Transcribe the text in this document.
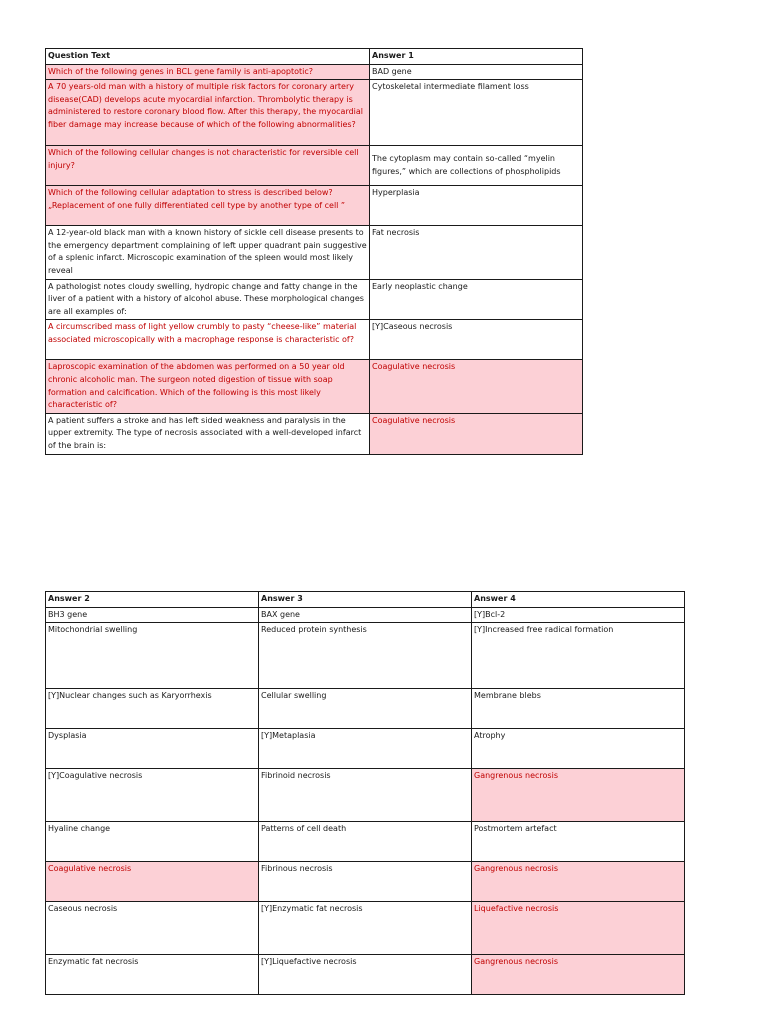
Question Text	Answer 1
Which of the following genes in BCL gene family is anti-apoptotic?	BAD gene
A 70 years-old man with a history of multiple risk factors for coronary artery disease(CAD) develops acute myocardial infarction. Thrombolytic therapy is administered to restore coronary blood flow. After this therapy, the myocardial fiber damage may increase because of which of the following abnormalities?	Cytoskeletal intermediate filament loss
Which of the following cellular changes is not characteristic for reversible cell injury?	The cytoplasm may contain so-called “myelin figures,” which are collections of phospholipids
Which of the following cellular adaptation to stress is described below? „Replacement of one fully differentiated cell type by another type of cell ”	Hyperplasia
A 12-year-old black man with a known history of sickle cell disease presents to the emergency department complaining of left upper quadrant pain suggestive of a splenic infarct. Microscopic examination of the spleen would most likely reveal	Fat necrosis
A pathologist notes cloudy swelling, hydropic change and fatty change in the liver of a patient with a history of alcohol abuse. These morphological changes are all examples of:	Early neoplastic change
A circumscribed mass of light yellow crumbly to pasty “cheese-like” material associated microscopically with a macrophage response is characteristic of?	[Y]Caseous necrosis
Laproscopic examination of the abdomen was performed on a 50 year old chronic alcoholic man. The surgeon noted digestion of tissue with soap formation and calcification. Which of the following is this most likely characteristic of?	Coagulative necrosis
A patient suffers a stroke and has left sided weakness and paralysis in the upper extremity. The type of necrosis associated with a well-developed infarct of the brain is:	Coagulative necrosis
Answer 2	Answer 3	Answer 4
BH3 gene	BAX gene	[Y]Bcl-2
Mitochondrial swelling	Reduced protein synthesis	[Y]Increased free radical formation
[Y]Nuclear changes such as Karyorrhexis	Cellular swelling	Membrane blebs
Dysplasia	[Y]Metaplasia	Atrophy
[Y]Coagulative necrosis	Fibrinoid necrosis	Gangrenous necrosis
Hyaline change	Patterns of cell death	Postmortem artefact
Coagulative necrosis	Fibrinous necrosis	Gangrenous necrosis
Caseous necrosis	[Y]Enzymatic fat necrosis	Liquefactive necrosis
Enzymatic fat necrosis	[Y]Liquefactive necrosis	Gangrenous necrosis
